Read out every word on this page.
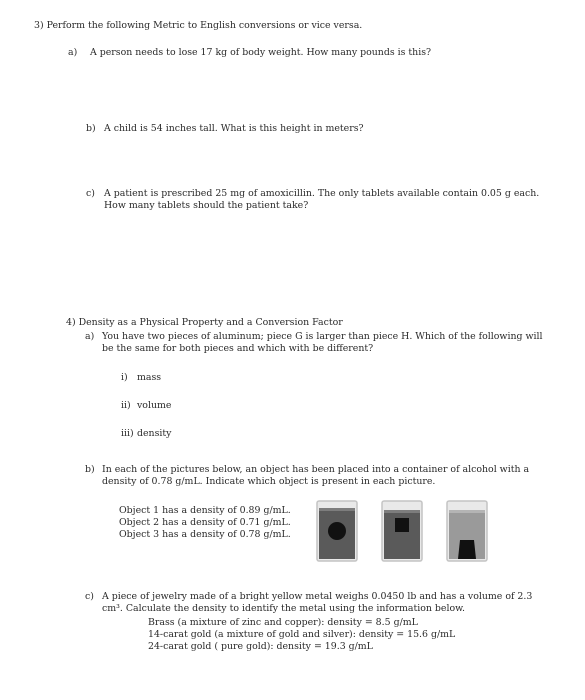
3) Perform the following Metric to English conversions or vice versa.
a) A person needs to lose 17 kg of body weight. How many pounds is this?
b) A child is 54 inches tall. What is this height in meters?
c) A patient is prescribed 25 mg of amoxicillin. The only tablets available contain 0.05 g each.
How many tablets should the patient take?
4) Density as a Physical Property and a Conversion Factor
a) You have two pieces of aluminum; piece G is larger than piece H. Which of the following will
be the same for both pieces and which with be different?
i) mass
ii) volume
iii) density
b) In each of the pictures below, an object has been placed into a container of alcohol with a
density of 0.78 g/mL. Indicate which object is present in each picture.
Object 1 has a density of 0.89 g/mL.
Object 2 has a density of 0.71 g/mL.
Object 3 has a density of 0.78 g/mL.
c) A piece of jewelry made of a bright yellow metal weighs 0.0450 lb and has a volume of 2.3
cm³. Calculate the density to identify the metal using the information below.
Brass (a mixture of zinc and copper): density = 8.5 g/mL
14-carat gold (a mixture of gold and silver): density = 15.6 g/mL
24-carat gold ( pure gold): density = 19.3 g/mL
